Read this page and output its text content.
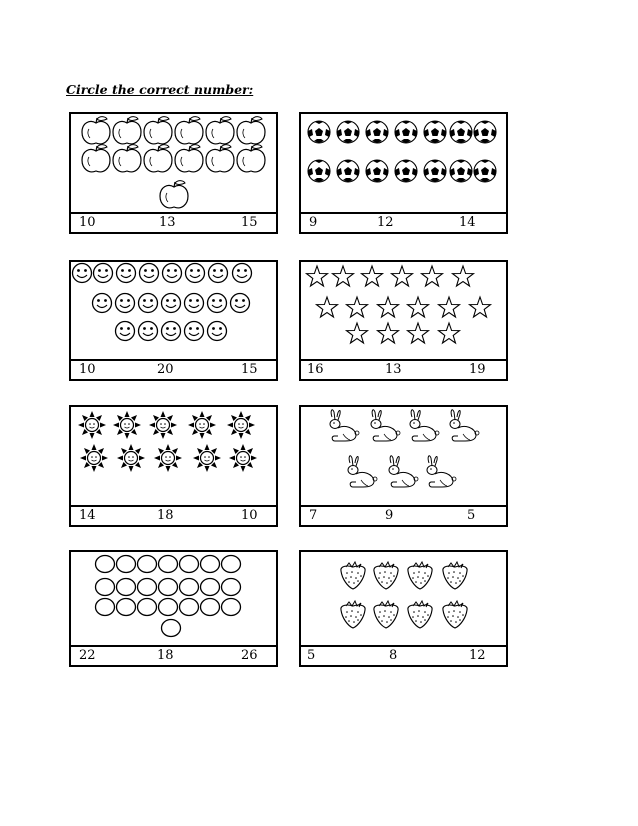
Circle the correct number:
10	13	15	9	12	14
10	20	15	16	13	19
14	18	10	7	9	5
22	18	26	5	8	12
